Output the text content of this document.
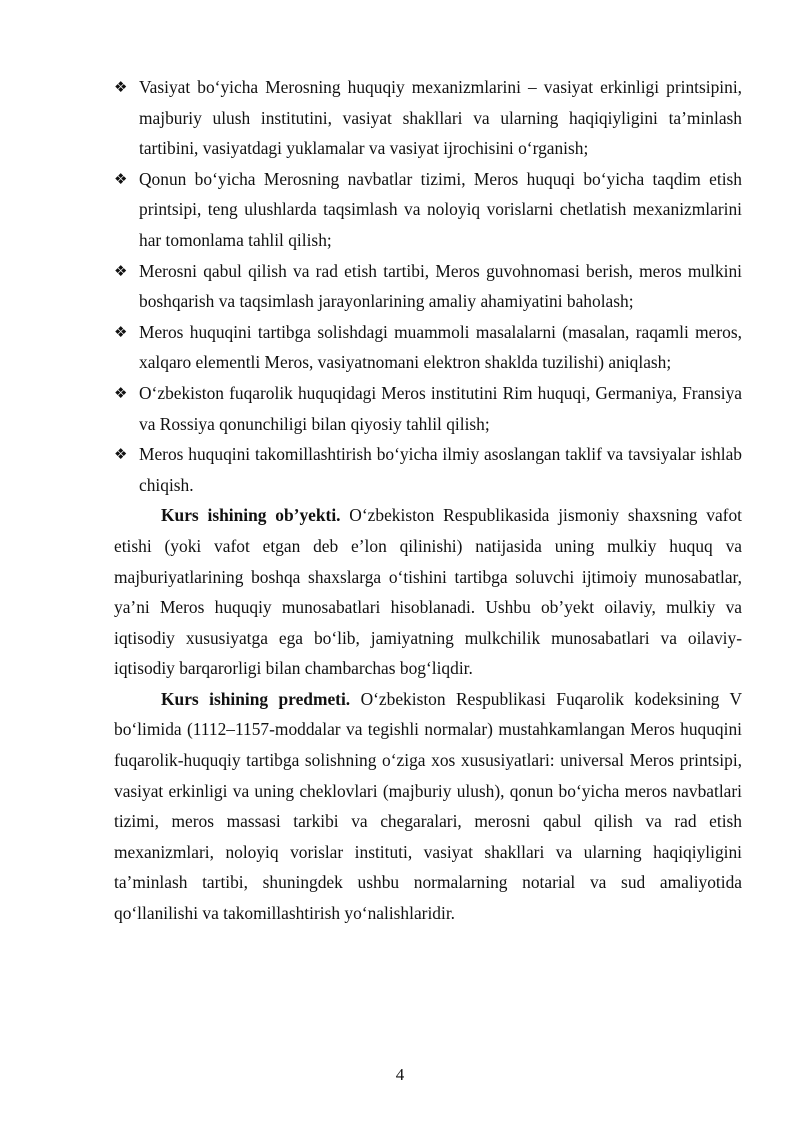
❖ Vasiyat bo‘yicha Merosning huquqiy mexanizmlarini – vasiyat erkinligi printsipini, majburiy ulush institutini, vasiyat shakllari va ularning haqiqiyligini ta’minlash tartibini, vasiyatdagi yuklamalar va vasiyat ijrochisini o‘rganish;
❖ Qonun bo‘yicha Merosning navbatlar tizimi, Meros huquqi bo‘yicha taqdim etish printsipi, teng ulushlarda taqsimlash va noloyiq vorislarni chetlatish mexanizmlarini har tomonlama tahlil qilish;
❖ Merosni qabul qilish va rad etish tartibi, Meros guvohnomasi berish, meros mulkini boshqarish va taqsimlash jarayonlarining amaliy ahamiyatini baholash;
❖ Meros huquqini tartibga solishdagi muammoli masalalarni (masalan, raqamli meros, xalqaro elementli Meros, vasiyatnomani elektron shaklda tuzilishi) aniqlash;
❖ O‘zbekiston fuqarolik huquqidagi Meros institutini Rim huquqi, Germaniya, Fransiya va Rossiya qonunchiligi bilan qiyosiy tahlil qilish;
❖ Meros huquqini takomillashtirish bo‘yicha ilmiy asoslangan taklif va tavsiyalar ishlab chiqish.

Kurs ishining ob’yekti. O‘zbekiston Respublikasida jismoniy shaxsning vafot etishi (yoki vafot etgan deb e’lon qilinishi) natijasida uning mulkiy huquq va majburiyatlarining boshqa shaxslarga o‘tishini tartibga soluvchi ijtimoiy munosabatlar, ya’ni Meros huquqiy munosabatlari hisoblanadi. Ushbu ob’yekt oilaviy, mulkiy va iqtisodiy xususiyatga ega bo‘lib, jamiyatning mulkchilik munosabatlari va oilaviy-iqtisodiy barqarorligi bilan chambarchas bog‘liqdir.

Kurs ishining predmeti. O‘zbekiston Respublikasi Fuqarolik kodeksining V bo‘limida (1112–1157-moddalar va tegishli normalar) mustahkamlangan Meros huquqini fuqarolik-huquqiy tartibga solishning o‘ziga xos xususiyatlari: universal Meros printsipi, vasiyat erkinligi va uning cheklovlari (majburiy ulush), qonun bo‘yicha meros navbatlari tizimi, meros massasi tarkibi va chegaralari, merosni qabul qilish va rad etish mexanizmlari, noloyiq vorislar instituti, vasiyat shakllari va ularning haqiqiyligini ta’minlash tartibi, shuningdek ushbu normalarning notarial va sud amaliyotida qo‘llanilishi va takomillashtirish yo‘nalishlaridir.

4
